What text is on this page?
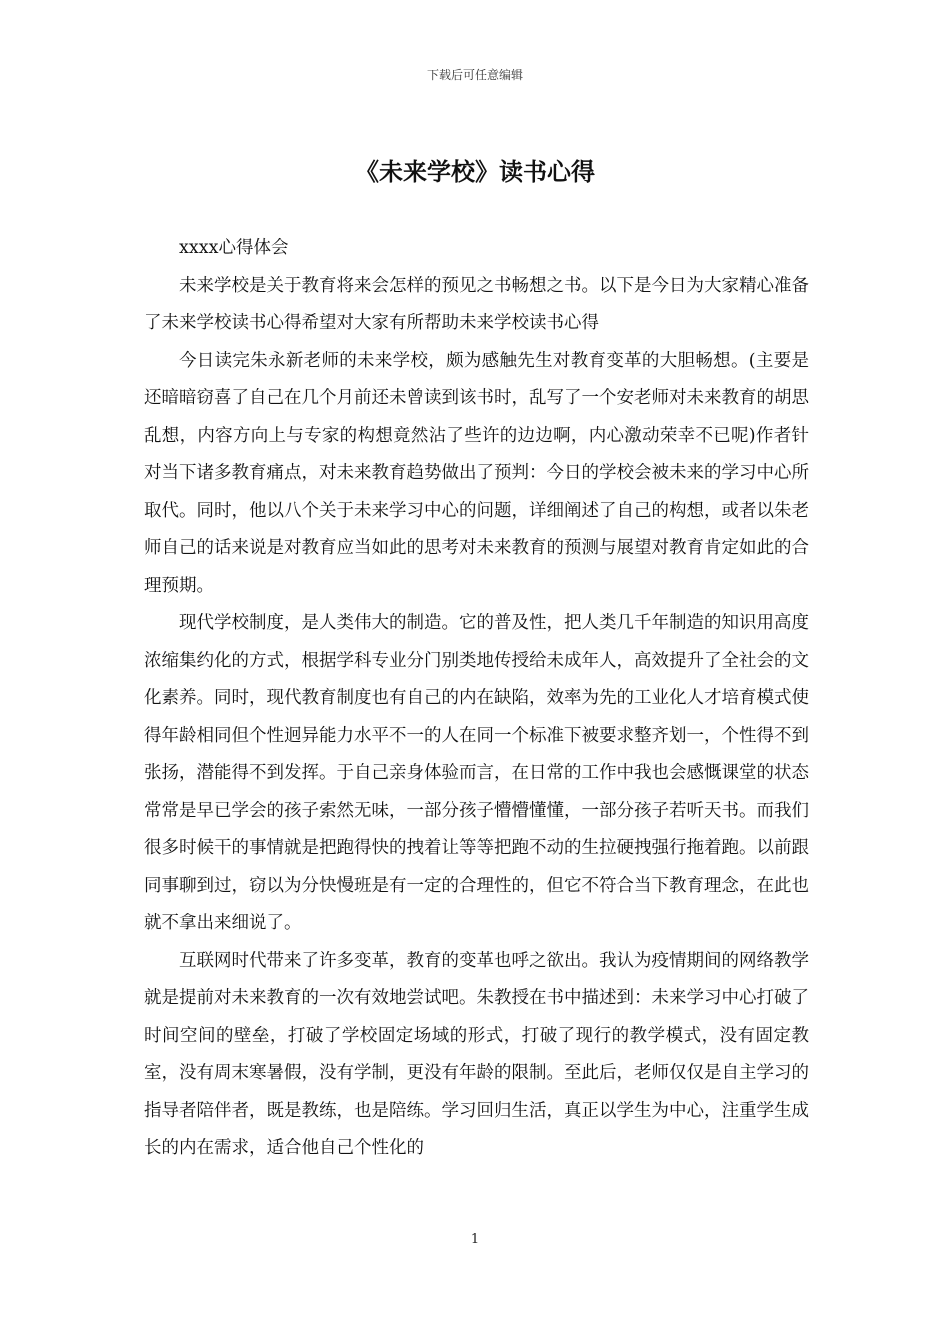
下载后可任意编辑
《未来学校》读书心得

xxxx心得体会

未来学校是关于教育将来会怎样的预见之书畅想之书。以下是今日为大家精心准备了未来学校读书心得希望对大家有所帮助未来学校读书心得

今日读完朱永新老师的未来学校，颇为感触先生对教育变革的大胆畅想。(主要是还暗暗窃喜了自己在几个月前还未曾读到该书时，乱写了一个安老师对未来教育的胡思乱想，内容方向上与专家的构想竟然沾了些许的边边啊，内心激动荣幸不已呢)作者针对当下诸多教育痛点，对未来教育趋势做出了预判：今日的学校会被未来的学习中心所取代。同时，他以八个关于未来学习中心的问题，详细阐述了自己的构想，或者以朱老师自己的话来说是对教育应当如此的思考对未来教育的预测与展望对教育肯定如此的合理预期。

现代学校制度，是人类伟大的制造。它的普及性，把人类几千年制造的知识用高度浓缩集约化的方式，根据学科专业分门别类地传授给未成年人，高效提升了全社会的文化素养。同时，现代教育制度也有自己的内在缺陷，效率为先的工业化人才培育模式使得年龄相同但个性迥异能力水平不一的人在同一个标准下被要求整齐划一，个性得不到张扬，潜能得不到发挥。于自己亲身体验而言，在日常的工作中我也会感慨课堂的状态常常是早已学会的孩子索然无味，一部分孩子懵懵懂懂，一部分孩子若听天书。而我们很多时候干的事情就是把跑得快的拽着让等等把跑不动的生拉硬拽强行拖着跑。以前跟同事聊到过，窃以为分快慢班是有一定的合理性的，但它不符合当下教育理念，在此也就不拿出来细说了。

互联网时代带来了许多变革，教育的变革也呼之欲出。我认为疫情期间的网络教学就是提前对未来教育的一次有效地尝试吧。朱教授在书中描述到：未来学习中心打破了时间空间的壁垒，打破了学校固定场域的形式，打破了现行的教学模式，没有固定教室，没有周末寒暑假，没有学制，更没有年龄的限制。至此后，老师仅仅是自主学习的指导者陪伴者，既是教练，也是陪练。学习回归生活，真正以学生为中心，注重学生成长的内在需求，适合他自己个性化的

1
